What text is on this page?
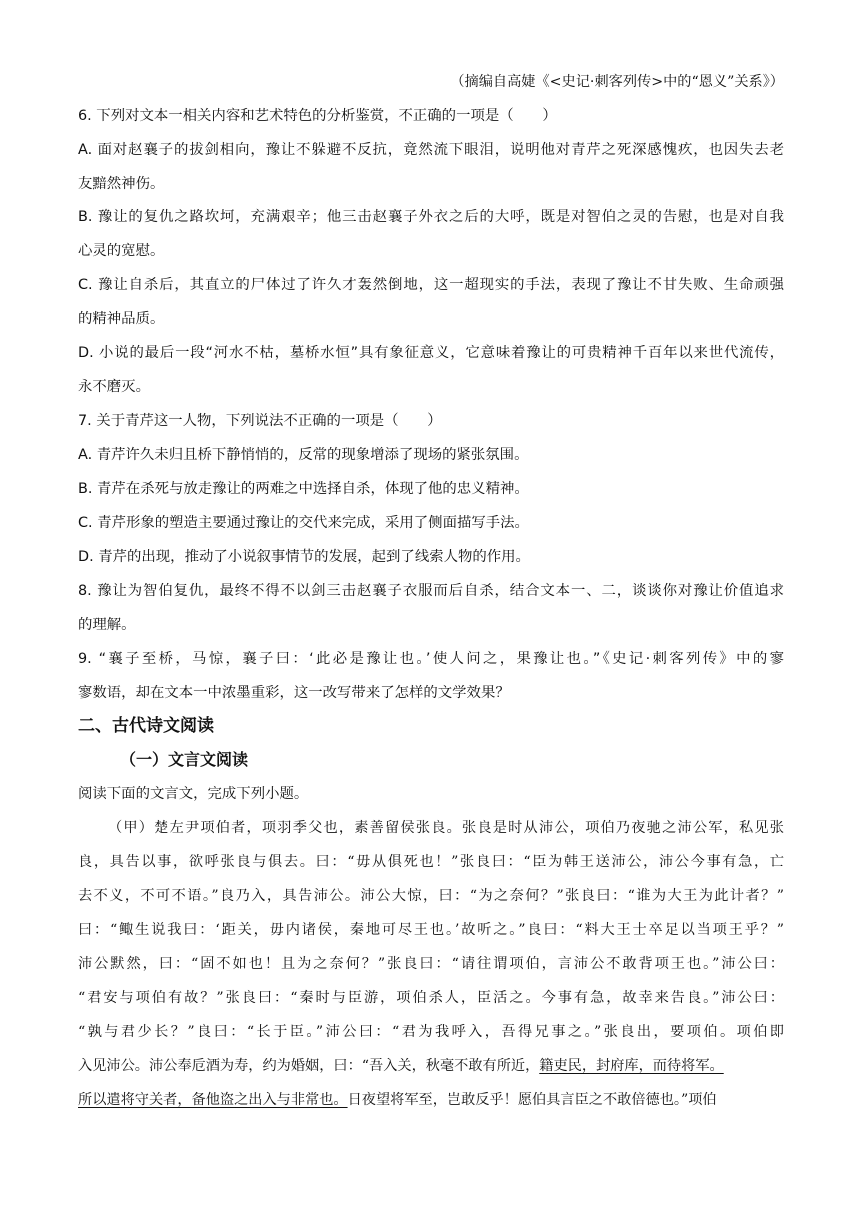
（摘编自高婕《<史记·刺客列传>中的“恩义”关系》）
6. 下列对文本一相关内容和艺术特色的分析鉴赏，不正确的一项是（　　）
A. 面对赵襄子的拔剑相向，豫让不躲避不反抗，竟然流下眼泪，说明他对青芹之死深感愧疚，也因失去老
友黯然神伤。
B. 豫让的复仇之路坎坷，充满艰辛；他三击赵襄子外衣之后的大呼，既是对智伯之灵的告慰，也是对自我
心灵的宽慰。
C. 豫让自杀后，其直立的尸体过了许久才轰然倒地，这一超现实的手法，表现了豫让不甘失败、生命顽强
的精神品质。
D. 小说的最后一段“河水不枯，墓桥水恒”具有象征意义，它意味着豫让的可贵精神千百年以来世代流传，
永不磨灭。
7. 关于青芹这一人物，下列说法不正确的一项是（　　）
A. 青芹许久未归且桥下静悄悄的，反常的现象增添了现场的紧张氛围。
B. 青芹在杀死与放走豫让的两难之中选择自杀，体现了他的忠义精神。
C. 青芹形象的塑造主要通过豫让的交代来完成，采用了侧面描写手法。
D. 青芹的出现，推动了小说叙事情节的发展，起到了线索人物的作用。
8. 豫让为智伯复仇，最终不得不以剑三击赵襄子衣服而后自杀，结合文本一、二，谈谈你对豫让价值追求
的理解。
9. “襄子至桥，马惊，襄子曰：‘此必是豫让也。’使人问之，果豫让也。”《史记·刺客列传》中的寥
寥数语，却在文本一中浓墨重彩，这一改写带来了怎样的文学效果？
二、古代诗文阅读
（一）文言文阅读
阅读下面的文言文，完成下列小题。
（甲）楚左尹项伯者，项羽季父也，素善留侯张良。张良是时从沛公，项伯乃夜驰之沛公军，私见张
良，具告以事，欲呼张良与俱去。曰：“毋从俱死也！”张良曰：“臣为韩王送沛公，沛公今事有急，亡
去不义，不可不语。”良乃入，具告沛公。沛公大惊，曰：“为之奈何？”张良曰：“谁为大王为此计者？”
曰：“鲰生说我曰：‘距关，毋内诸侯，秦地可尽王也。’故听之。”良曰：“料大王士卒足以当项王乎？”
沛公默然，曰：“固不如也！且为之奈何？”张良曰：“请往谓项伯，言沛公不敢背项王也。”沛公曰：
“君安与项伯有故？”张良曰：“秦时与臣游，项伯杀人，臣活之。今事有急，故幸来告良。”沛公曰：
“孰与君少长？”良曰：“长于臣。”沛公曰：“君为我呼入，吾得兄事之。”张良出，要项伯。项伯即
入见沛公。沛公奉卮酒为寿，约为婚姻，曰：“吾入关，秋毫不敢有所近，籍吏民，封府库，而待将军。
所以遣将守关者，备他盗之出入与非常也。日夜望将军至，岂敢反乎！愿伯具言臣之不敢倍德也。”项伯
